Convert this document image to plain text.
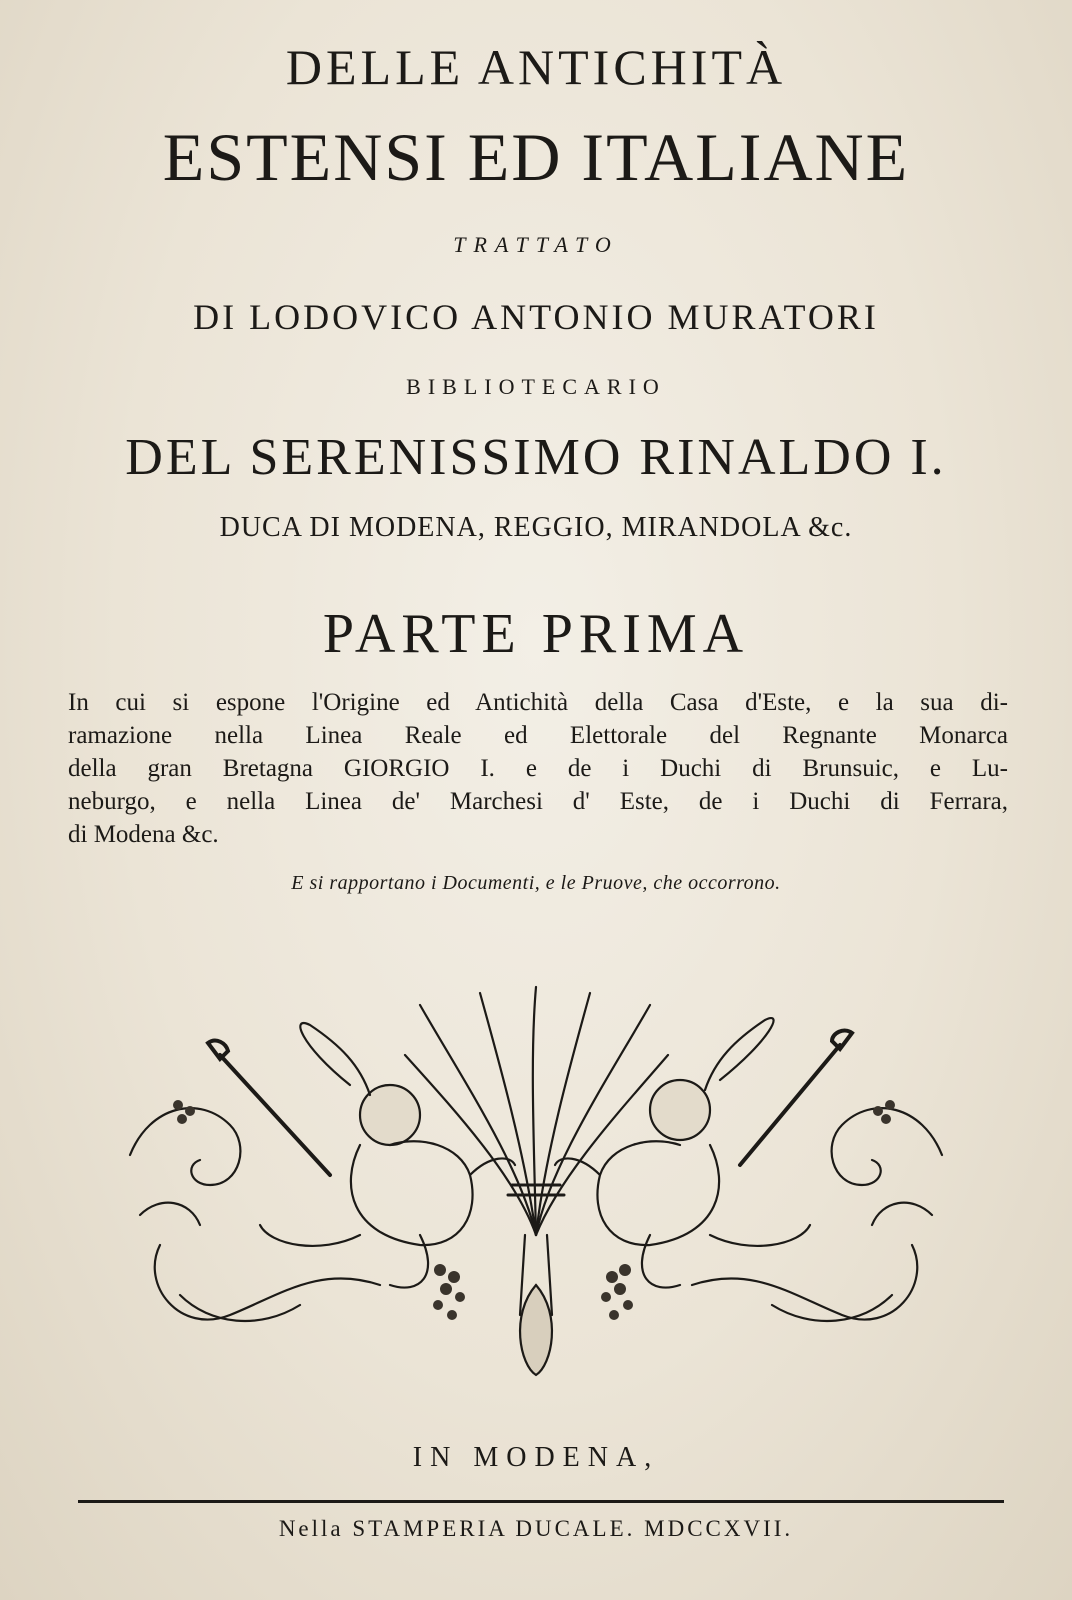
DELLE ANTICHITÀ
ESTENSI ED ITALIANE
TRATTATO
DI LODOVICO ANTONIO MURATORI
BIBLIOTECARIO
DEL SERENISSIMO RINALDO I.
DUCA DI MODENA, REGGIO, MIRANDOLA &c.
PARTE PRIMA
In cui si espone l'Origine ed Antichità della Casa d'Este, e la sua di-
ramazione nella Linea Reale ed Elettorale del Regnante Monarca
della gran Bretagna GIORGIO I. e de i Duchi di Brunsuic, e Lu-
neburgo, e nella Linea de' Marchesi d' Este, de i Duchi di Ferrara,
di Modena &c.
E si rapportano i Documenti, e le Pruove, che occorrono.
IN MODENA,
Nella STAMPERIA DUCALE. MDCCXVII.
